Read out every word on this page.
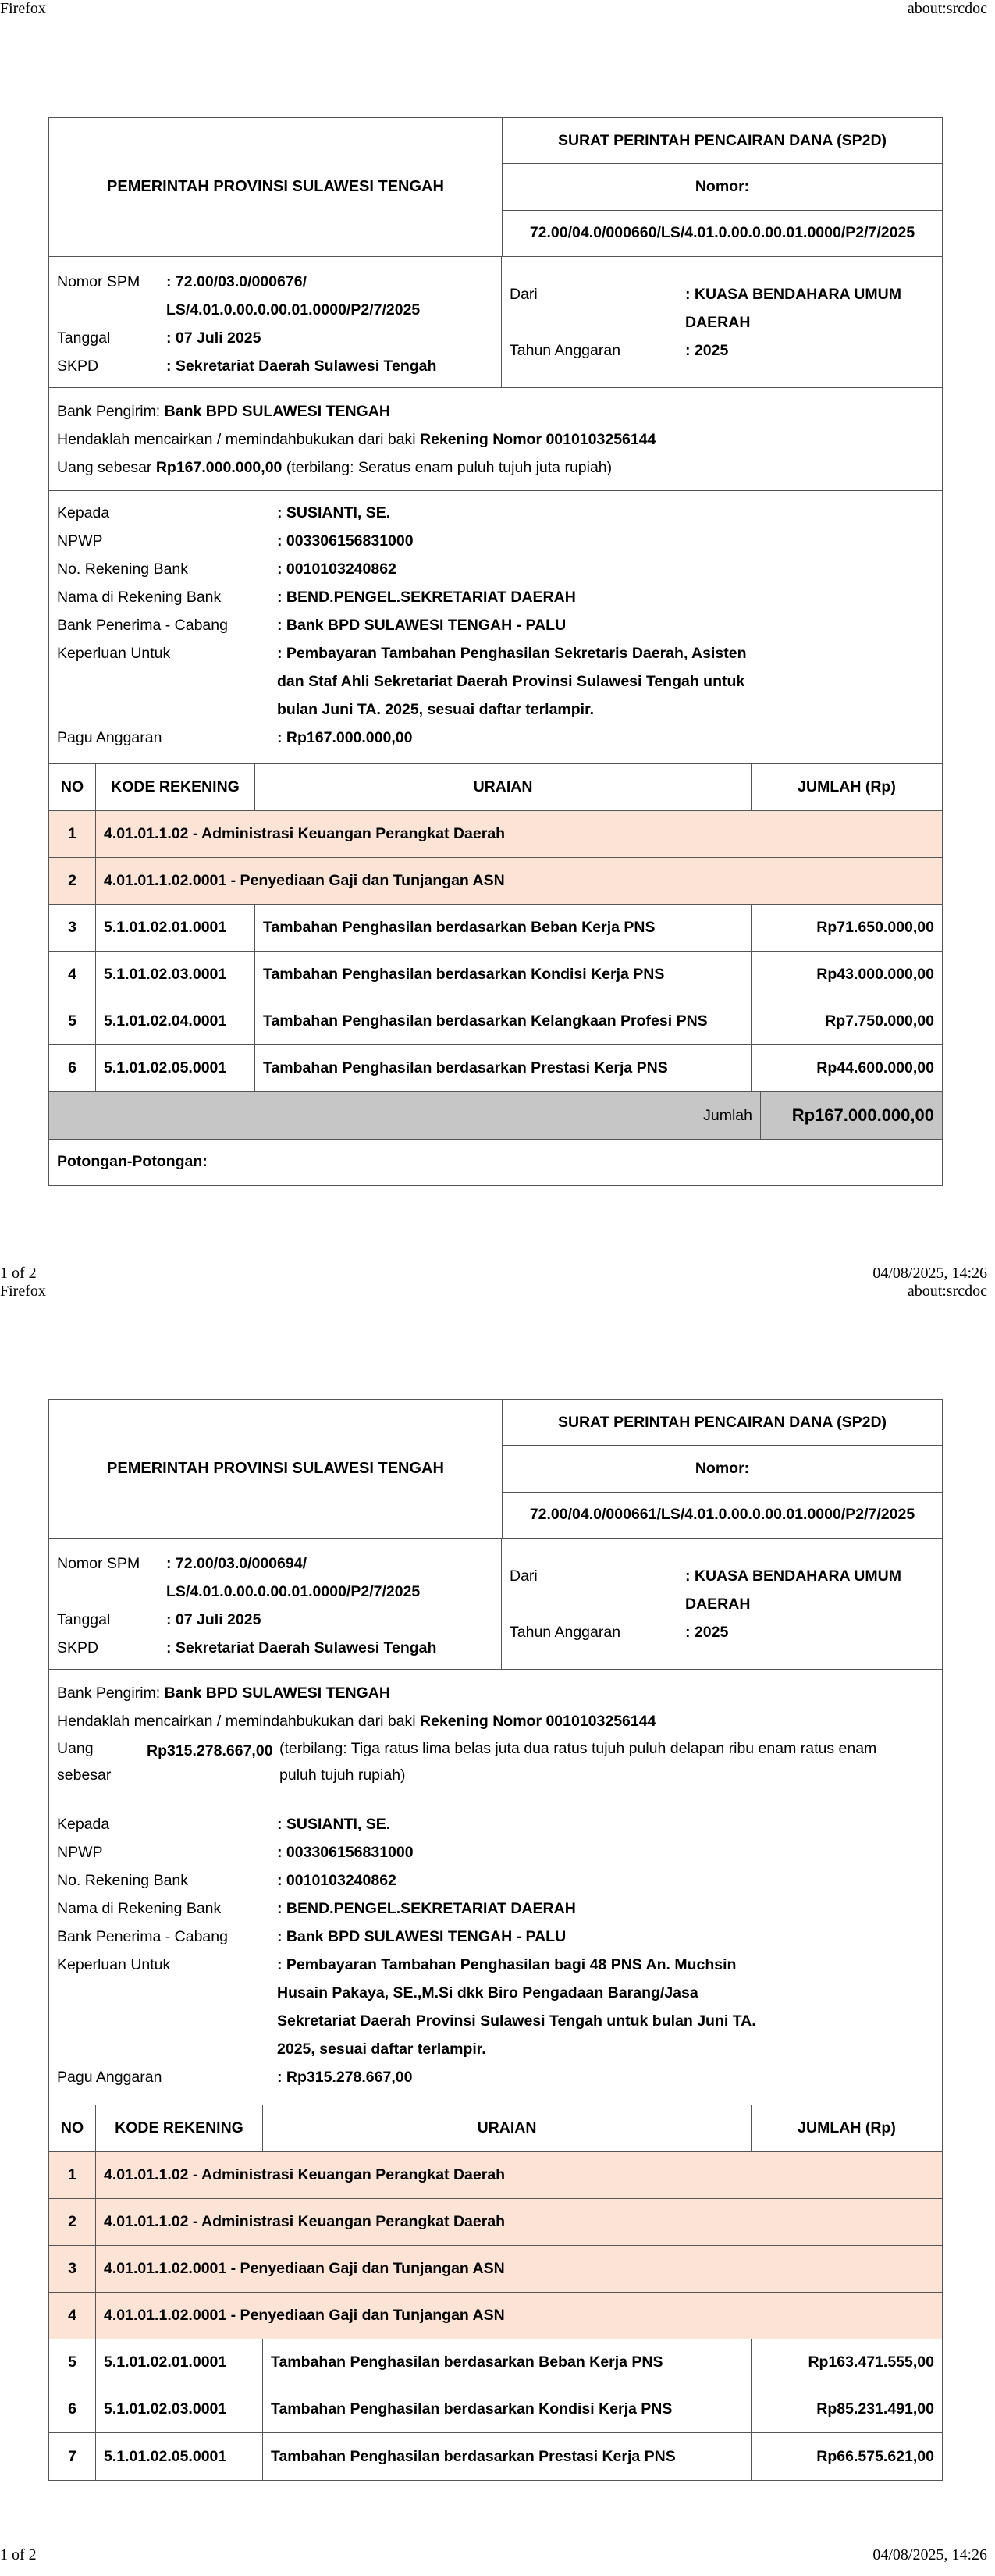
Firefox	about:srcdoc
PEMERINTAH PROVINSI SULAWESI TENGAH
SURAT PERINTAH PENCAIRAN DANA (SP2D)
Nomor:
72.00/04.0/000660/LS/4.01.0.00.0.00.01.0000/P2/7/2025
Nomor SPM	: 72.00/03.0/000676/
LS/4.01.0.00.0.00.01.0000/P2/7/2025
Tanggal	: 07 Juli 2025
SKPD	: Sekretariat Daerah Sulawesi Tengah
Dari	: KUASA BENDAHARA UMUM
DAERAH
Tahun Anggaran	: 2025
Bank Pengirim: Bank BPD SULAWESI TENGAH
Hendaklah mencairkan / memindahbukukan dari baki Rekening Nomor 0010103256144
Uang sebesar Rp167.000.000,00 (terbilang: Seratus enam puluh tujuh juta rupiah)
Kepada	: SUSIANTI, SE.
NPWP	: 003306156831000
No. Rekening Bank	: 0010103240862
Nama di Rekening Bank	: BEND.PENGEL.SEKRETARIAT DAERAH
Bank Penerima - Cabang	: Bank BPD SULAWESI TENGAH - PALU
Keperluan Untuk	: Pembayaran Tambahan Penghasilan Sekretaris Daerah, Asisten
dan Staf Ahli Sekretariat Daerah Provinsi Sulawesi Tengah untuk
bulan Juni TA. 2025, sesuai daftar terlampir.
Pagu Anggaran	: Rp167.000.000,00
NO	KODE REKENING	URAIAN	JUMLAH (Rp)
1	4.01.01.1.02 - Administrasi Keuangan Perangkat Daerah
2	4.01.01.1.02.0001 - Penyediaan Gaji dan Tunjangan ASN
3	5.1.01.02.01.0001	Tambahan Penghasilan berdasarkan Beban Kerja PNS	Rp71.650.000,00
4	5.1.01.02.03.0001	Tambahan Penghasilan berdasarkan Kondisi Kerja PNS	Rp43.000.000,00
5	5.1.01.02.04.0001	Tambahan Penghasilan berdasarkan Kelangkaan Profesi PNS	Rp7.750.000,00
6	5.1.01.02.05.0001	Tambahan Penghasilan berdasarkan Prestasi Kerja PNS	Rp44.600.000,00
Jumlah	Rp167.000.000,00
Potongan-Potongan:
1 of 2	04/08/2025, 14:26
Firefox	about:srcdoc
PEMERINTAH PROVINSI SULAWESI TENGAH
SURAT PERINTAH PENCAIRAN DANA (SP2D)
Nomor:
72.00/04.0/000661/LS/4.01.0.00.0.00.01.0000/P2/7/2025
Nomor SPM	: 72.00/03.0/000694/
LS/4.01.0.00.0.00.01.0000/P2/7/2025
Tanggal	: 07 Juli 2025
SKPD	: Sekretariat Daerah Sulawesi Tengah
Dari	: KUASA BENDAHARA UMUM
DAERAH
Tahun Anggaran	: 2025
Bank Pengirim: Bank BPD SULAWESI TENGAH
Hendaklah mencairkan / memindahbukukan dari baki Rekening Nomor 0010103256144
Uang
sebesar
Rp315.278.667,00 (terbilang: Tiga ratus lima belas juta dua ratus tujuh puluh delapan ribu enam ratus enam
puluh tujuh rupiah)
Kepada	: SUSIANTI, SE.
NPWP	: 003306156831000
No. Rekening Bank	: 0010103240862
Nama di Rekening Bank	: BEND.PENGEL.SEKRETARIAT DAERAH
Bank Penerima - Cabang	: Bank BPD SULAWESI TENGAH - PALU
Keperluan Untuk	: Pembayaran Tambahan Penghasilan bagi 48 PNS An. Muchsin
Husain Pakaya, SE.,M.Si dkk Biro Pengadaan Barang/Jasa
Sekretariat Daerah Provinsi Sulawesi Tengah untuk bulan Juni TA.
2025, sesuai daftar terlampir.
Pagu Anggaran	: Rp315.278.667,00
NO	KODE REKENING	URAIAN	JUMLAH (Rp)
1	4.01.01.1.02 - Administrasi Keuangan Perangkat Daerah
2	4.01.01.1.02 - Administrasi Keuangan Perangkat Daerah
3	4.01.01.1.02.0001 - Penyediaan Gaji dan Tunjangan ASN
4	4.01.01.1.02.0001 - Penyediaan Gaji dan Tunjangan ASN
5	5.1.01.02.01.0001	Tambahan Penghasilan berdasarkan Beban Kerja PNS	Rp163.471.555,00
6	5.1.01.02.03.0001	Tambahan Penghasilan berdasarkan Kondisi Kerja PNS	Rp85.231.491,00
7	5.1.01.02.05.0001	Tambahan Penghasilan berdasarkan Prestasi Kerja PNS	Rp66.575.621,00
1 of 2	04/08/2025, 14:26
